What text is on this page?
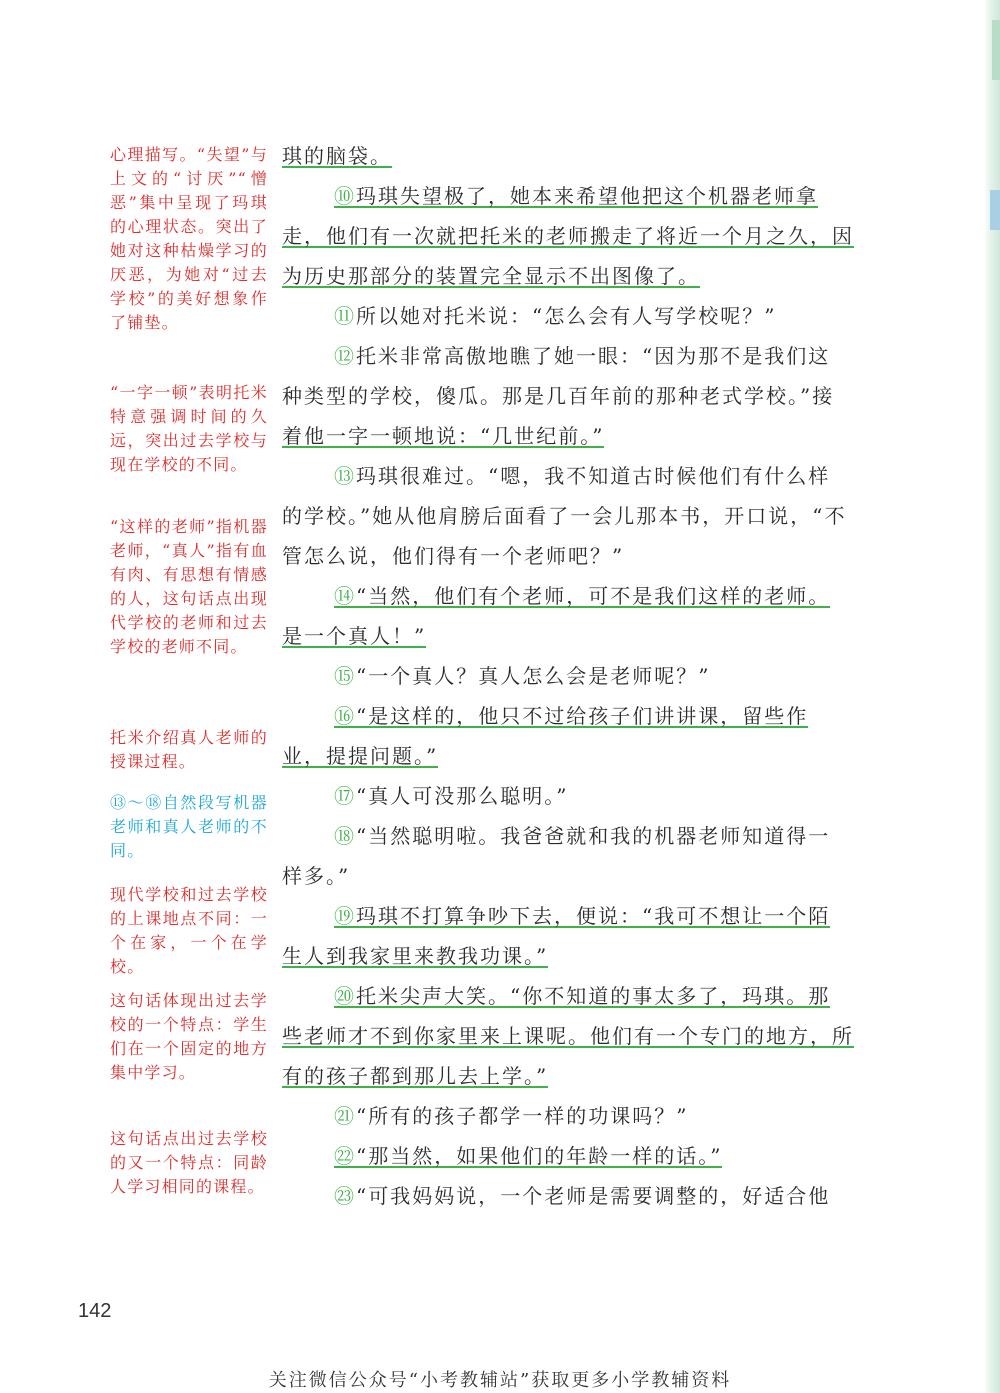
心理描写。“失望”与上文的“讨厌”“憎恶”集中呈现了玛琪的心理状态。突出了她对这种枯燥学习的厌恶，为她对“过去学校”的美好想象作了铺垫。
“一字一顿”表明托米特意强调时间的久远，突出过去学校与现在学校的不同。
“这样的老师”指机器老师，“真人”指有血有肉、有思想有情感的人，这句话点出现代学校的老师和过去学校的老师不同。
托米介绍真人老师的授课过程。
⑬～⑱自然段写机器老师和真人老师的不同。
现代学校和过去学校的上课地点不同：一个在家，一个在学校。
这句话体现出过去学校的一个特点：学生们在一个固定的地方集中学习。
这句话点出过去学校的又一个特点：同龄人学习相同的课程。
琪的脑袋。
⑩玛琪失望极了，她本来希望他把这个机器老师拿
走，他们有一次就把托米的老师搬走了将近一个月之久，因
为历史那部分的装置完全显示不出图像了。
⑪所以她对托米说：“怎么会有人写学校呢？”
⑫托米非常高傲地瞧了她一眼：“因为那不是我们这
种类型的学校，傻瓜。那是几百年前的那种老式学校。”接
着他一字一顿地说：“几世纪前。”
⑬玛琪很难过。“嗯，我不知道古时候他们有什么样
的学校。”她从他肩膀后面看了一会儿那本书，开口说，“不
管怎么说，他们得有一个老师吧？”
⑭“当然，他们有个老师，可不是我们这样的老师。
是一个真人！”
⑮“一个真人？真人怎么会是老师呢？”
⑯“是这样的，他只不过给孩子们讲讲课，留些作
业，提提问题。”
⑰“真人可没那么聪明。”
⑱“当然聪明啦。我爸爸就和我的机器老师知道得一
样多。”
⑲玛琪不打算争吵下去，便说：“我可不想让一个陌
生人到我家里来教我功课。”
⑳托米尖声大笑。“你不知道的事太多了，玛琪。那
些老师才不到你家里来上课呢。他们有一个专门的地方，所
有的孩子都到那儿去上学。”
㉑“所有的孩子都学一样的功课吗？”
㉒“那当然，如果他们的年龄一样的话。”
㉓“可我妈妈说，一个老师是需要调整的，好适合他
142
关注微信公众号“小考教辅站”获取更多小学教辅资料
